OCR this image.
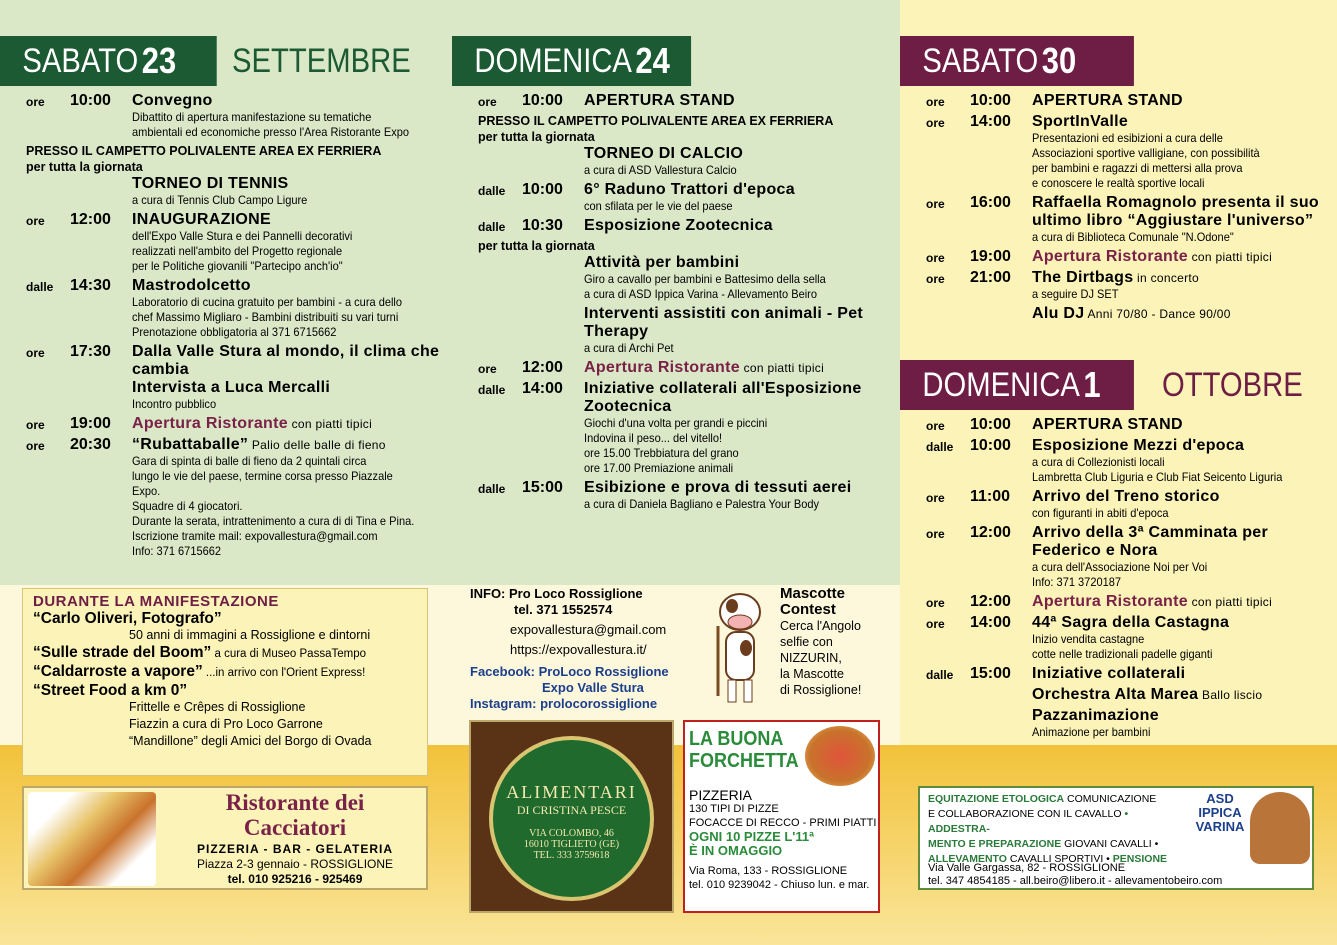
SABATO 23 SETTEMBRE
ore 10:00 Convegno
Dibattito di apertura manifestazione su tematiche
ambientali ed economiche presso l'Area Ristorante Expo
PRESSO IL CAMPETTO POLIVALENTE AREA EX FERRIERA
per tutta la giornata
TORNEO DI TENNIS
a cura di Tennis Club Campo Ligure
ore 12:00 INAUGURAZIONE
dell'Expo Valle Stura e dei Pannelli decorativi
realizzati nell'ambito del Progetto regionale
per le Politiche giovanili "Partecipo anch'io"
dalle 14:30 Mastrodolcetto
Laboratorio di cucina gratuito per bambini - a cura dello
chef Massimo Migliaro - Bambini distribuiti su vari turni
Prenotazione obbligatoria al 371 6715662
ore 17:30 Dalla Valle Stura al mondo, il clima che cambia
Intervista a Luca Mercalli
Incontro pubblico
ore 19:00 Apertura Ristorante con piatti tipici
ore 20:30 “Rubattaballe” Palio delle balle di fieno
Gara di spinta di balle di fieno da 2 quintali circa
lungo le vie del paese, termine corsa presso Piazzale Expo.
Squadre di 4 giocatori.
Durante la serata, intrattenimento a cura di di Tina e Pina.
Iscrizione tramite mail: expovallestura@gmail.com
Info: 371 6715662
DOMENICA 24
ore 10:00 APERTURA STAND
PRESSO IL CAMPETTO POLIVALENTE AREA EX FERRIERA
per tutta la giornata
TORNEO DI CALCIO
a cura di ASD Vallestura Calcio
dalle 10:00 6° Raduno Trattori d'epoca
con sfilata per le vie del paese
dalle 10:30 Esposizione Zootecnica
per tutta la giornata
Attività per bambini
Giro a cavallo per bambini e Battesimo della sella
a cura di ASD Ippica Varina - Allevamento Beiro
Interventi assistiti con animali - Pet Therapy
a cura di Archi Pet
ore 12:00 Apertura Ristorante con piatti tipici
dalle 14:00 Iniziative collaterali all'Esposizione Zootecnica
Giochi d'una volta per grandi e piccini
Indovina il peso... del vitello!
ore 15.00 Trebbiatura del grano
ore 17.00 Premiazione animali
dalle 15:00 Esibizione e prova di tessuti aerei
a cura di Daniela Bagliano e Palestra Your Body
SABATO 30
ore 10:00 APERTURA STAND
ore 14:00 SportInValle
Presentazioni ed esibizioni a cura delle
Associazioni sportive valligiane, con possibilità
per bambini e ragazzi di mettersi alla prova
e conoscere le realtà sportive locali
ore 16:00 Raffaella Romagnolo presenta il suo ultimo libro “Aggiustare l'universo”
a cura di Biblioteca Comunale "N.Odone"
ore 19:00 Apertura Ristorante con piatti tipici
ore 21:00 The Dirtbags in concerto
a seguire DJ SET
Alu DJ Anni 70/80 - Dance 90/00
DOMENICA 1 OTTOBRE
ore 10:00 APERTURA STAND
dalle 10:00 Esposizione Mezzi d'epoca
a cura di Collezionisti locali
Lambretta Club Liguria e Club Fiat Seicento Liguria
ore 11:00 Arrivo del Treno storico
con figuranti in abiti d'epoca
ore 12:00 Arrivo della 3ª Camminata per Federico e Nora
a cura dell'Associazione Noi per Voi
Info: 371 3720187
ore 12:00 Apertura Ristorante con piatti tipici
ore 14:00 44ª Sagra della Castagna
Inizio vendita castagne
cotte nelle tradizionali padelle giganti
dalle 15:00 Iniziative collaterali
Orchestra Alta Marea Ballo liscio
Pazzanimazione
Animazione per bambini
DURANTE LA MANIFESTAZIONE
“Carlo Oliveri, Fotografo”
50 anni di immagini a Rossiglione e dintorni
“Sulle strade del Boom” a cura di Museo PassaTempo
“Caldarroste a vapore” ...in arrivo con l'Orient Express!
“Street Food a km 0”
Frittelle e Crêpes di Rossiglione
Fiazzin a cura di Pro Loco Garrone
“Mandillone” degli Amici del Borgo di Ovada
INFO: Pro Loco Rossiglione
tel. 371 1552574
expovallestura@gmail.com
https://expovallestura.it/
Facebook: ProLoco Rossiglione
Expo Valle Stura
Instagram: prolocorossiglione
Mascotte
Contest
Cerca l'Angolo
selfie con
NIZZURIN,
la Mascotte
di Rossiglione!
Ristorante dei
Cacciatori
PIZZERIA - BAR - GELATERIA
Piazza 2-3 gennaio - ROSSIGLIONE
tel. 010 925216 - 925469
ALIMENTARI
DI CRISTINA PESCE
VIA COLOMBO, 46
16010 TIGLIETO (GE)
TEL. 333 3759618
LA BUONA
FORCHETTA
PIZZERIA
130 TIPI DI PIZZE
FOCACCE DI RECCO - PRIMI PIATTI
OGNI 10 PIZZE L'11ª
È IN OMAGGIO
Via Roma, 133 - ROSSIGLIONE
tel. 010 9239042 - Chiuso lun. e mar.
EQUITAZIONE ETOLOGICA COMUNICAZIONE
E COLLABORAZIONE CON IL CAVALLO • ADDESTRA-
MENTO E PREPARAZIONE GIOVANI CAVALLI •
ALLEVAMENTO CAVALLI SPORTIVI • PENSIONE
ASD
IPPICA
VARINA
Via Valle Gargassa, 82 - ROSSIGLIONE
tel. 347 4854185 - all.beiro@libero.it - allevamentobeiro.com
